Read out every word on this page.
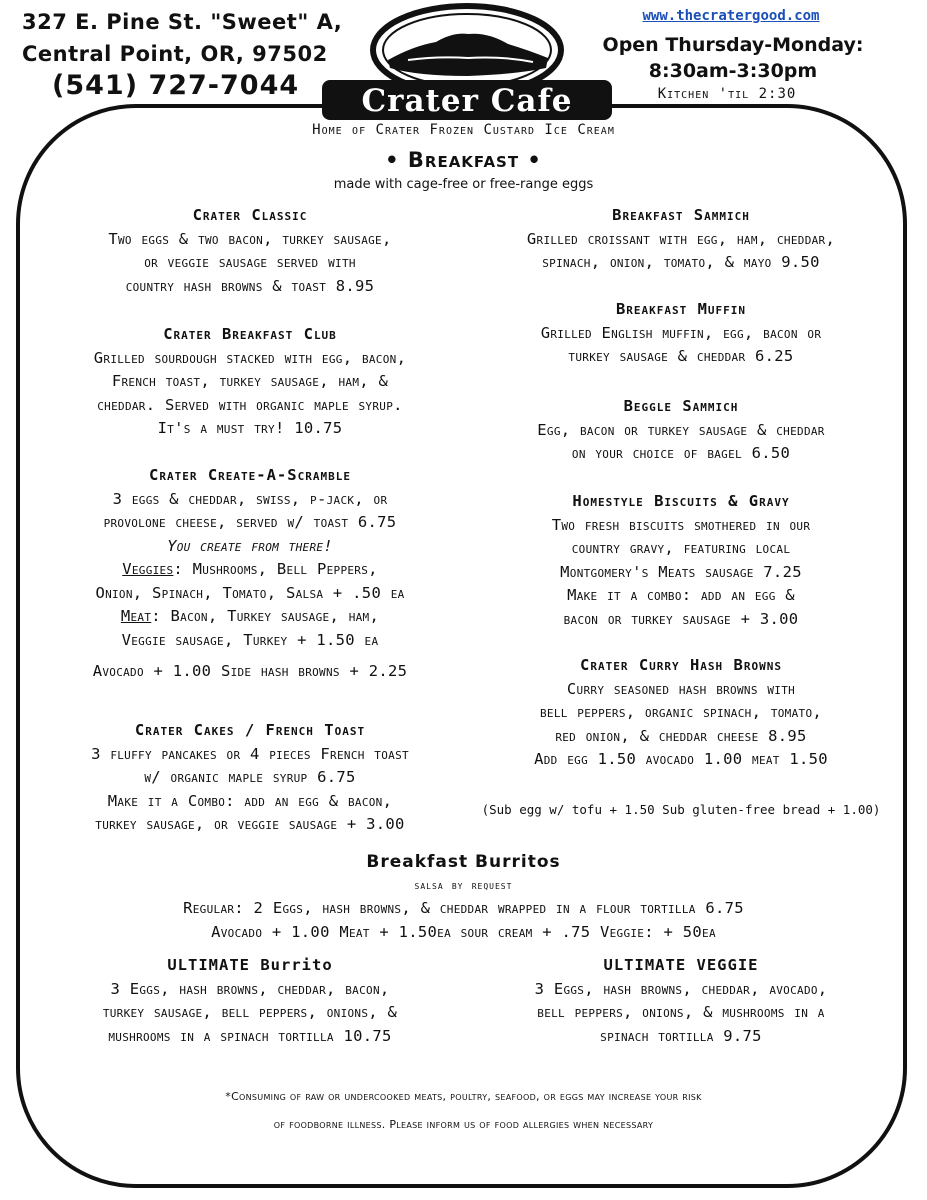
327 E. Pine St. "Sweet" A,
Central Point, OR, 97502
(541) 727-7044 Crater Cafe
www.thecratergood.com
Open Thursday-Monday:
8:30am-3:30pm
Kitchen 'til 2:30
Home of Crater Frozen Custard Ice Cream
• Breakfast •
made with cage-free or free-range eggs
Crater Classic
Two eggs & two bacon, turkey sausage,
or veggie sausage served with
country hash browns & toast 8.95
Crater Breakfast Club
Grilled sourdough stacked with egg, bacon,
French toast, turkey sausage, ham, &
cheddar. Served with organic maple syrup.
It's a must try! 10.75
Crater Create-A-Scramble
3 eggs & cheddar, swiss, p-jack, or
provolone cheese, served w/ toast 6.75
You create from there!
Veggies: Mushrooms, Bell Peppers,
Onion, Spinach, Tomato, Salsa + .50 ea
Meat: Bacon, Turkey sausage, ham,
Veggie sausage, Turkey + 1.50 ea
Avocado + 1.00 Side hash browns + 2.25
Crater Cakes / French Toast
3 fluffy pancakes or 4 pieces French toast
w/ organic maple syrup 6.75
Make it a Combo: add an egg & bacon,
turkey sausage, or veggie sausage + 3.00
Breakfast Sammich
Grilled croissant with egg, ham, cheddar,
spinach, onion, tomato, & mayo 9.50
Breakfast Muffin
Grilled English muffin, egg, bacon or
turkey sausage & cheddar 6.25
Beggle Sammich
Egg, bacon or turkey sausage & cheddar
on your choice of bagel 6.50
Homestyle Biscuits & Gravy
Two fresh biscuits smothered in our
country gravy, featuring local
Montgomery's Meats sausage 7.25
Make it a combo: add an egg &
bacon or turkey sausage + 3.00
Crater Curry Hash Browns
Curry seasoned hash browns with
bell peppers, organic spinach, tomato,
red onion, & cheddar cheese 8.95
Add egg 1.50 avocado 1.00 meat 1.50
(Sub egg w/ tofu + 1.50 Sub gluten-free bread + 1.00)
Breakfast Burritos
salsa by request
Regular: 2 Eggs, hash browns, & cheddar wrapped in a flour tortilla 6.75
Avocado + 1.00 Meat + 1.50ea sour cream + .75 Veggie: + 50ea
ULTIMATE Burrito
3 Eggs, hash browns, cheddar, bacon,
turkey sausage, bell peppers, onions, &
mushrooms in a spinach tortilla 10.75
ULTIMATE VEGGIE
3 Eggs, hash browns, cheddar, avocado,
bell peppers, onions, & mushrooms in a
spinach tortilla 9.75
*Consuming of raw or undercooked meats, poultry, seafood, or eggs may increase your risk
of foodborne illness. Please inform us of food allergies when necessary
